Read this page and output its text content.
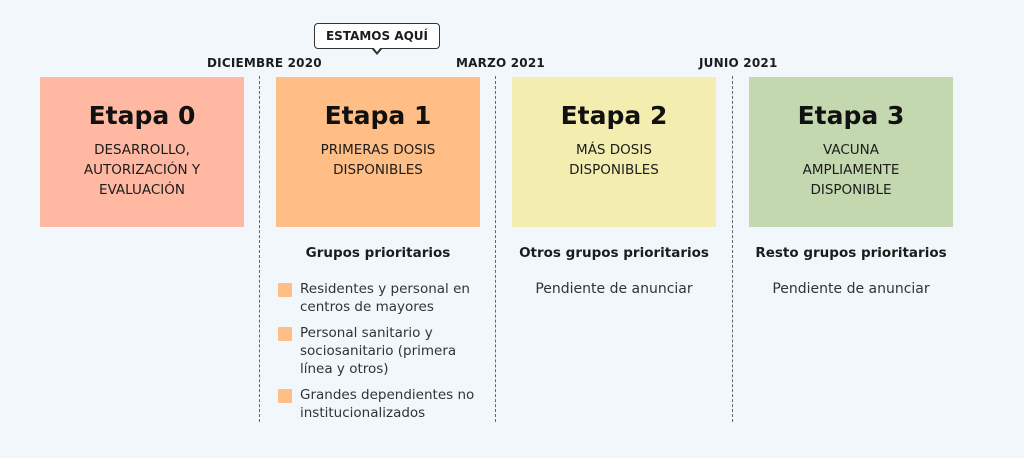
DICIEMBRE 2020	MARZO 2021	JUNIO 2021
ESTAMOS AQUÍ
Etapa 0
DESARROLLO, AUTORIZACIÓN Y EVALUACIÓN
Etapa 1
PRIMERAS DOSIS DISPONIBLES
Etapa 2
MÁS DOSIS DISPONIBLES
Etapa 3
VACUNA AMPLIAMENTE DISPONIBLE
Grupos prioritarios	Otros grupos prioritarios	Resto grupos prioritarios
Residentes y personal en centros de mayores
Personal sanitario y sociosanitario (primera línea y otros)
Grandes dependientes no institucionalizados
Pendiente de anunciar	Pendiente de anunciar
